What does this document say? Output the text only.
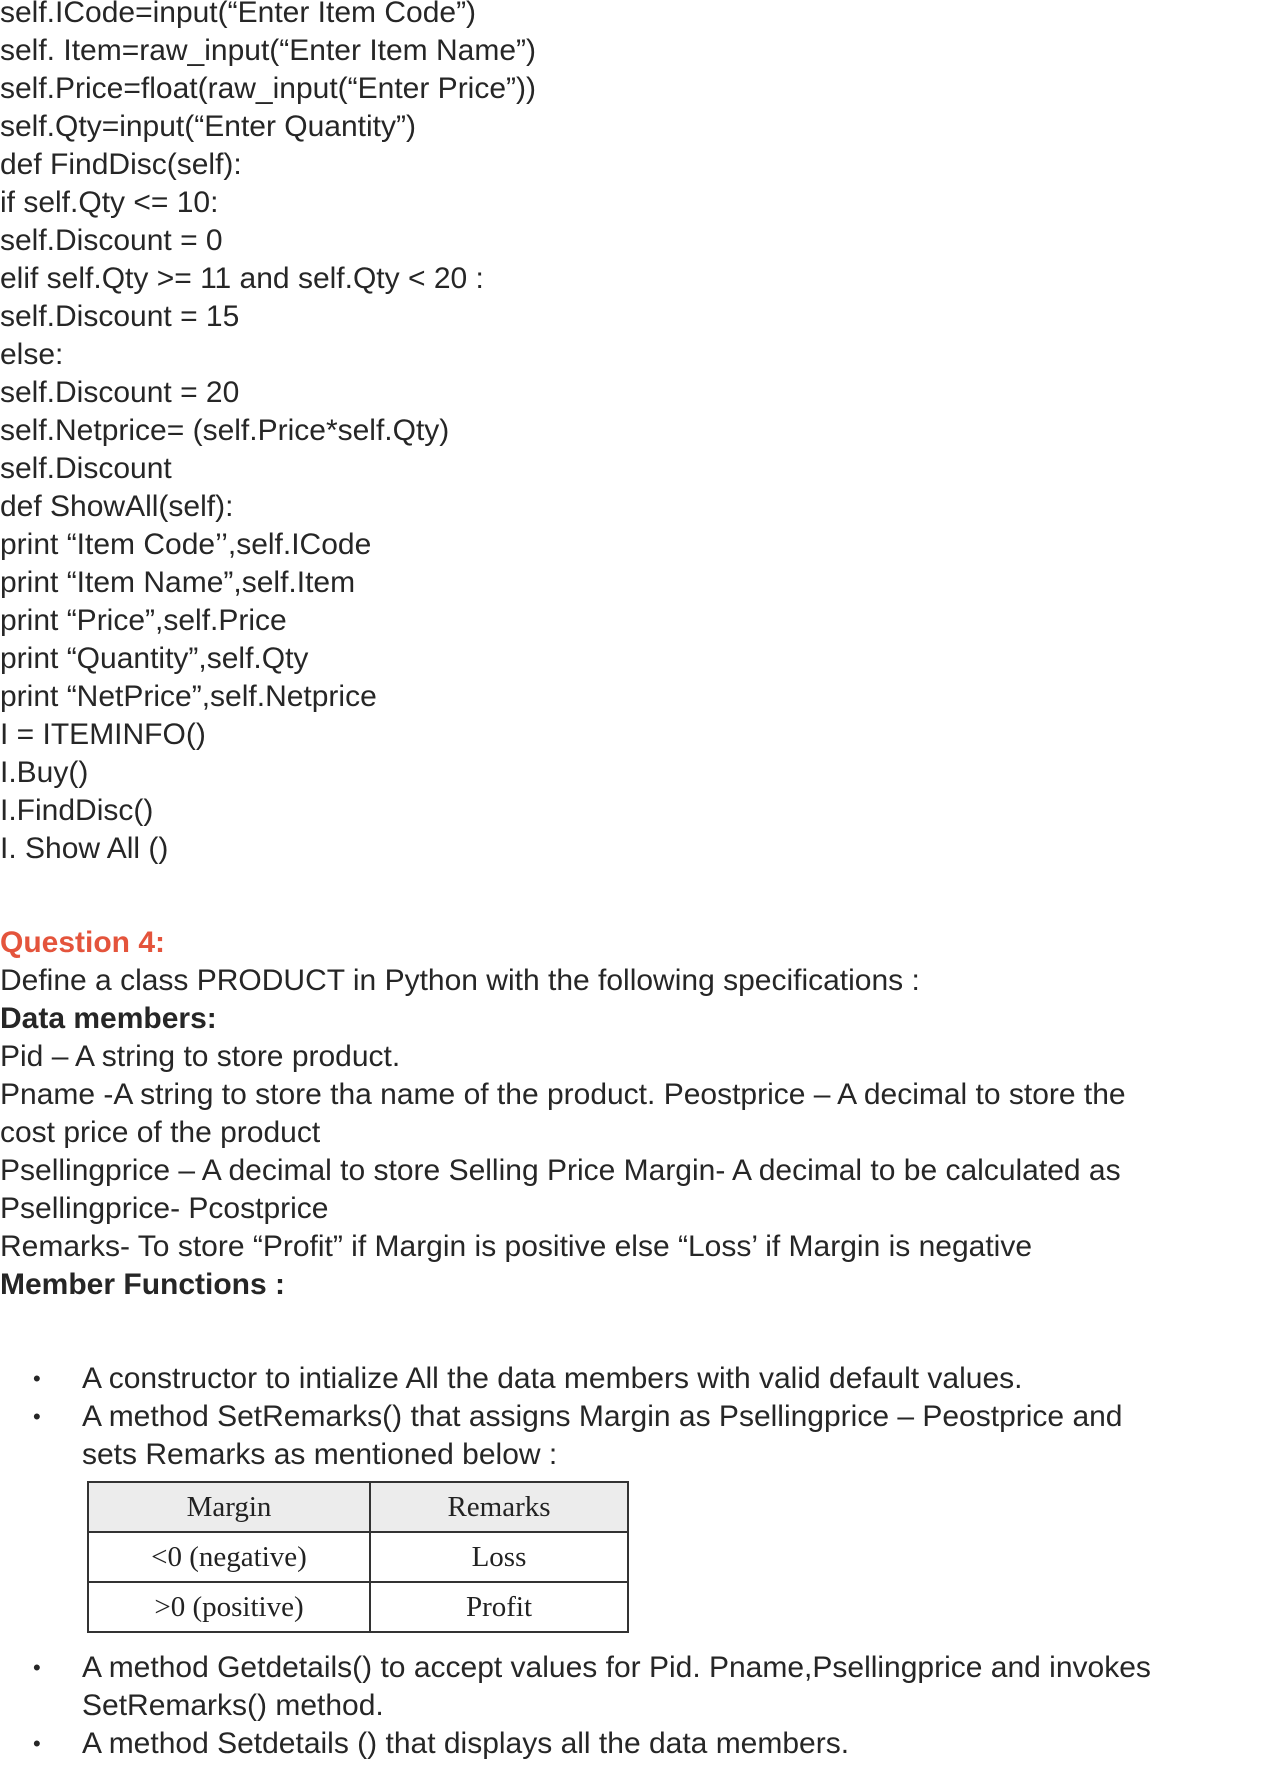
self.ICode=input(“Enter Item Code”)
self. Item=raw_input(“Enter Item Name”)
self.Price=float(raw_input(“Enter Price”))
self.Qty=input(“Enter Quantity”)
def FindDisc(self):
if self.Qty <= 10:
self.Discount = 0
elif self.Qty >= 11 and self.Qty < 20 :
self.Discount = 15
else:
self.Discount = 20
self.Netprice= (self.Price*self.Qty)
self.Discount
def ShowAll(self):
print “Item Code’’,self.ICode
print “Item Name”,self.Item
print “Price”,self.Price
print “Quantity”,self.Qty
print “NetPrice”,self.Netprice
I = ITEMINFO()
I.Buy()
I.FindDisc()
I. Show All ()
Question 4:
Define a class PRODUCT in Python with the following specifications :
Data members:
Pid – A string to store product.
Pname -A string to store tha name of the product. Peostprice – A decimal to store the
cost price of the product
Psellingprice – A decimal to store Selling Price Margin- A decimal to be calculated as
Psellingprice- Pcostprice
Remarks- To store “Profit” if Margin is positive else “Loss’ if Margin is negative
Member Functions :
• A constructor to intialize All the data members with valid default values.
• A method SetRemarks() that assigns Margin as Psellingprice – Peostprice and sets Remarks as mentioned below :
Margin	Remarks
<0 (negative)	Loss
>0 (positive)	Profit
• A method Getdetails() to accept values for Pid. Pname,Psellingprice and invokes SetRemarks() method.
• A method Setdetails () that displays all the data members.
